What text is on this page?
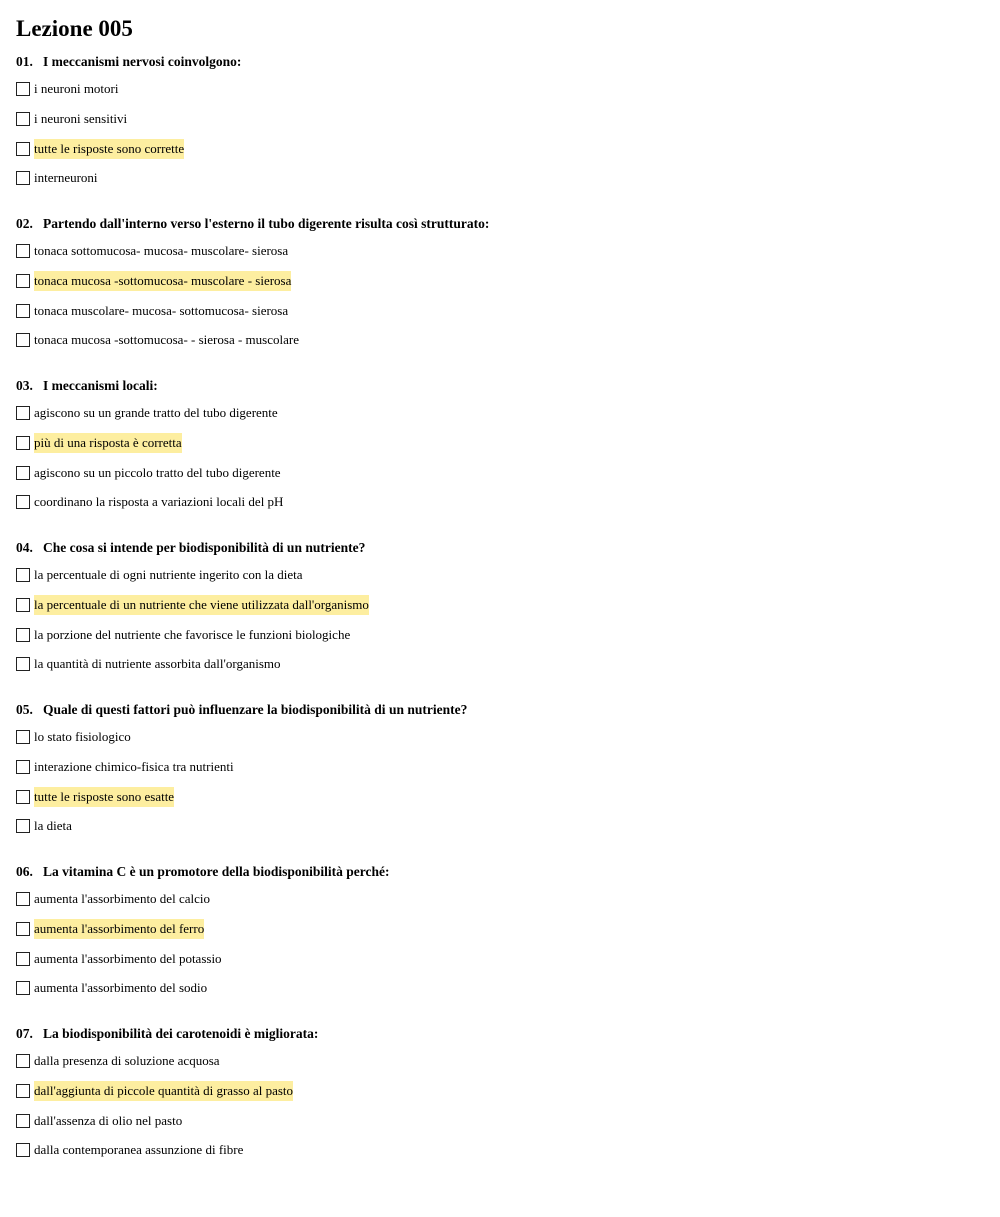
Lezione 005
01. I meccanismi nervosi coinvolgono:
i neuroni motori
i neuroni sensitivi
tutte le risposte sono corrette
interneuroni
02. Partendo dall'interno verso l'esterno il tubo digerente risulta così strutturato:
tonaca sottomucosa- mucosa- muscolare- sierosa
tonaca mucosa -sottomucosa- muscolare - sierosa
tonaca muscolare- mucosa- sottomucosa- sierosa
tonaca mucosa -sottomucosa- - sierosa - muscolare
03. I meccanismi locali:
agiscono su un grande tratto del tubo digerente
più di una risposta è corretta
agiscono su un piccolo tratto del tubo digerente
coordinano la risposta a variazioni locali del pH
04. Che cosa si intende per biodisponibilità di un nutriente?
la percentuale di ogni nutriente ingerito con la dieta
la percentuale di un nutriente che viene utilizzata dall'organismo
la porzione del nutriente che favorisce le funzioni biologiche
la quantità di nutriente assorbita dall'organismo
05. Quale di questi fattori può influenzare la biodisponibilità di un nutriente?
lo stato fisiologico
interazione chimico-fisica tra nutrienti
tutte le risposte sono esatte
la dieta
06. La vitamina C è un promotore della biodisponibilità perché:
aumenta l'assorbimento del calcio
aumenta l'assorbimento del ferro
aumenta l'assorbimento del potassio
aumenta l'assorbimento del sodio
07. La biodisponibilità dei carotenoidi è migliorata:
dalla presenza di soluzione acquosa
dall'aggiunta di piccole quantità di grasso al pasto
dall'assenza di olio nel pasto
dalla contemporanea assunzione di fibre
